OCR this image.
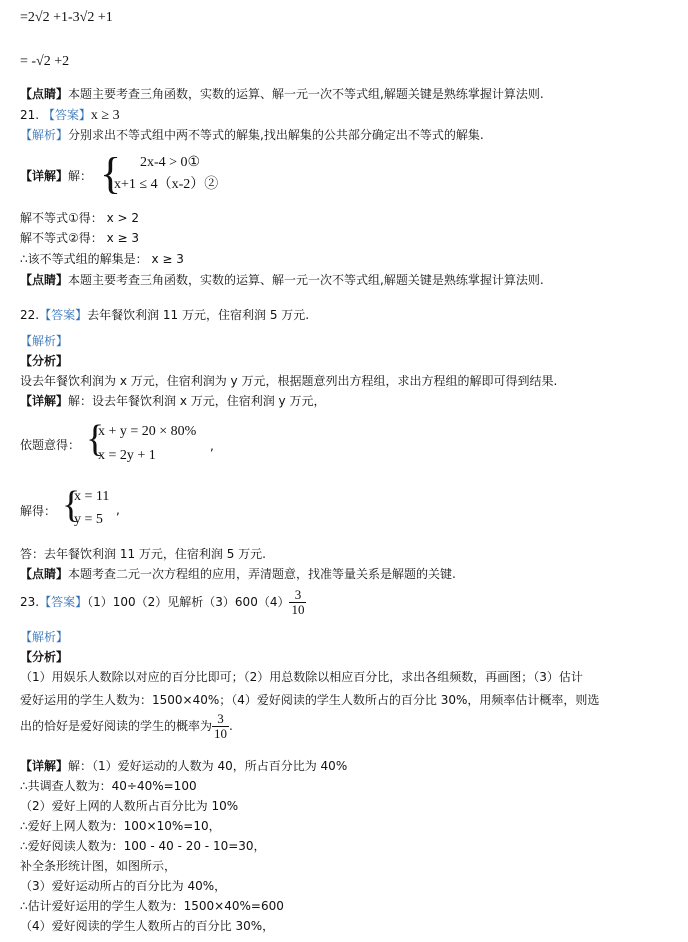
=2√2 +1-3√2 +1
= -√2 +2
【点睛】本题主要考查三角函数，实数的运算、解一元一次不等式组,解题关键是熟练掌握计算法则.
21. 【答案】x ≥ 3
【解析】分别求出不等式组中两不等式的解集,找出解集的公共部分确定出不等式的解集.
【详解】解： { 2x-4 > 0①
x+1 ≤ 4（x-2）②
解不等式①得： x > 2
解不等式②得： x ≥ 3
∴该不等式组的解集是： x ≥ 3
【点睛】本题主要考查三角函数，实数的运算、解一元一次不等式组,解题关键是熟练掌握计算法则.
22.【答案】去年餐饮利润 11 万元，住宿利润 5 万元.
【解析】
【分析】
设去年餐饮利润为 x 万元，住宿利润为 y 万元，根据题意列出方程组，求出方程组的解即可得到结果.
【详解】解：设去年餐饮利润 x 万元，住宿利润 y 万元，
依题意得： {
x + y = 20 × 80%
x = 2y + 1
,
解得： {
x = 11
y = 5
,
答：去年餐饮利润 11 万元，住宿利润 5 万元.
【点睛】本题考查二元一次方程组的应用，弄清题意，找准等量关系是解题的关键.
23.【答案】（1）100（2）见解析$(3)600(4) \frac{3}{10}$
【解析】
【分析】
（1）用娱乐人数除以对应的百分比即可；（2）用总数除以相应百分比，求出各组频数，再画图；（3）估计
爱好运用的学生人数为：1500×40%；（4）爱好阅读的学生人数所占的百分比 30%，用频率估计概率，则选
出的恰好是爱好阅读的学生的概率为 $\frac{3}{10}$ .
【详解】解：（1）爱好运动的人数为 40，所占百分比为 40%
∴共调查人数为：40÷40%=100
（2）爱好上网的人数所占百分比为 10%
∴爱好上网人数为：100×10%=10，
∴爱好阅读人数为：100 - 40 - 20 - 10=30，
补全条形统计图，如图所示，
（3）爱好运动所占的百分比为 40%，
∴估计爱好运用的学生人数为：1500×40%=600
（4）爱好阅读的学生人数所占的百分比 30%，
